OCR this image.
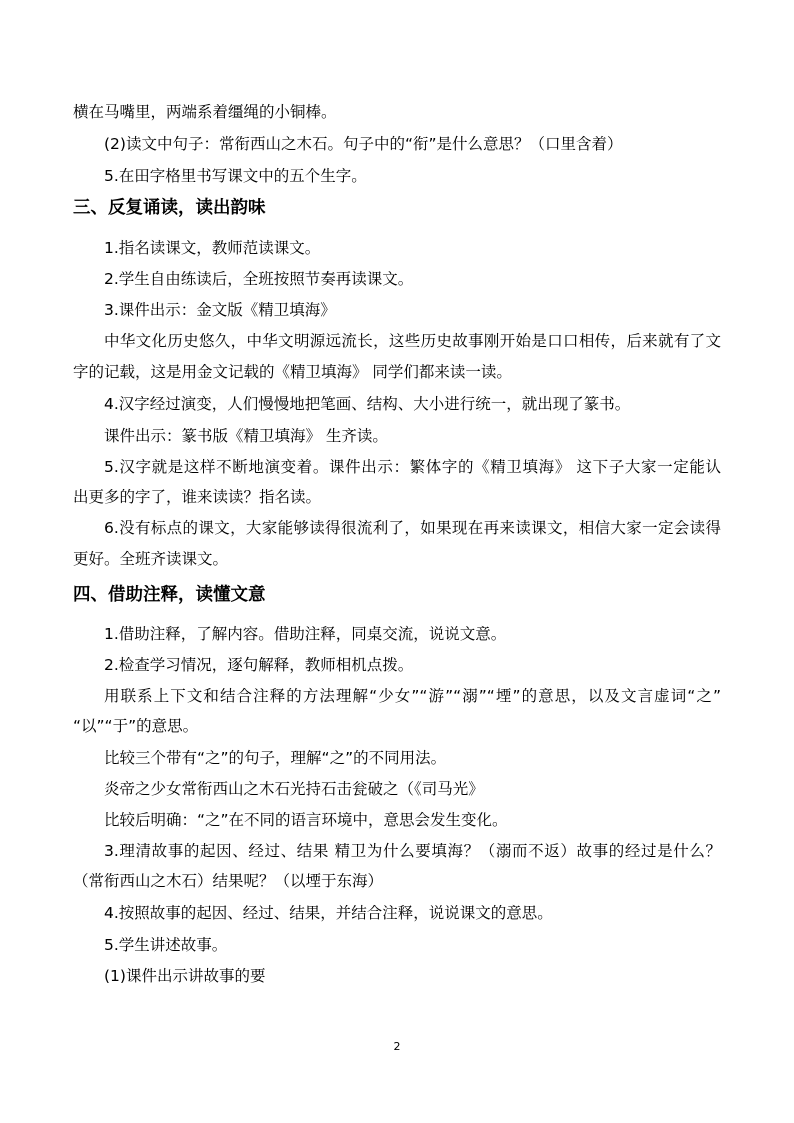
横在马嘴里，两端系着缰绳的小铜棒。
(2)读文中句子：常衔西山之木石。句子中的“衔”是什么意思？（口里含着）
5.在田字格里书写课文中的五个生字。
三、反复诵读，读出韵味
1.指名读课文，教师范读课文。
2.学生自由练读后，全班按照节奏再读课文。
3.课件出示：金文版《精卫填海》
中华文化历史悠久，中华文明源远流长，这些历史故事刚开始是口口相传，后来就有了文
字的记载，这是用金文记载的《精卫填海》 同学们都来读一读。
4.汉字经过演变，人们慢慢地把笔画、结构、大小进行统一，就出现了篆书。
课件出示：篆书版《精卫填海》 生齐读。
5.汉字就是这样不断地演变着。课件出示：繁体字的《精卫填海》 这下子大家一定能认
出更多的字了，谁来读读？指名读。
6.没有标点的课文，大家能够读得很流利了，如果现在再来读课文，相信大家一定会读得
更好。全班齐读课文。
四、借助注释，读懂文意
1.借助注释，了解内容。借助注释，同桌交流，说说文意。
2.检查学习情况，逐句解释，教师相机点拨。
用联系上下文和结合注释的方法理解“少女”“游”“溺”“堙”的意思，以及文言虚词“之”
“以”“于”的意思。
比较三个带有“之”的句子，理解“之”的不同用法。
炎帝之少女常衔西山之木石光持石击瓮破之（《司马光》
比较后明确：“之”在不同的语言环境中，意思会发生变化。
3.理清故事的起因、经过、结果 精卫为什么要填海？（溺而不返）故事的经过是什么？
（常衔西山之木石）结果呢？（以堙于东海）
4.按照故事的起因、经过、结果，并结合注释，说说课文的意思。
5.学生讲述故事。
(1)课件出示讲故事的要
2
